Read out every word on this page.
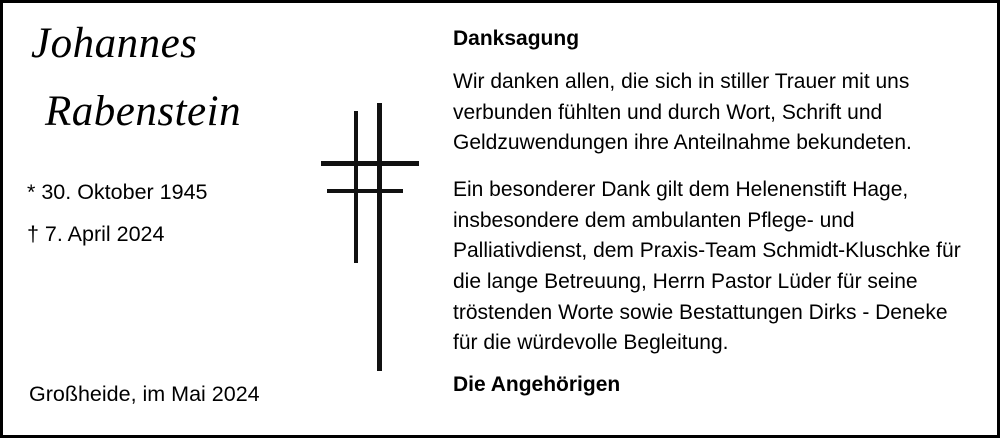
Johannes
Rabenstein
* 30. Oktober 1945
† 7. April 2024
Großheide, im Mai 2024
Danksagung

Wir danken allen, die sich in stiller Trauer mit uns verbunden fühlten und durch Wort, Schrift und Geldzuwendungen ihre Anteilnahme bekundeten.

Ein besonderer Dank gilt dem Helenenstift Hage, insbesondere dem ambulanten Pflege- und Palliativdienst, dem Praxis-Team Schmidt-Kluschke für die lange Betreuung, Herrn Pastor Lüder für seine tröstenden Worte sowie Bestattungen Dirks - Deneke für die würdevolle Begleitung.

Die Angehörigen
